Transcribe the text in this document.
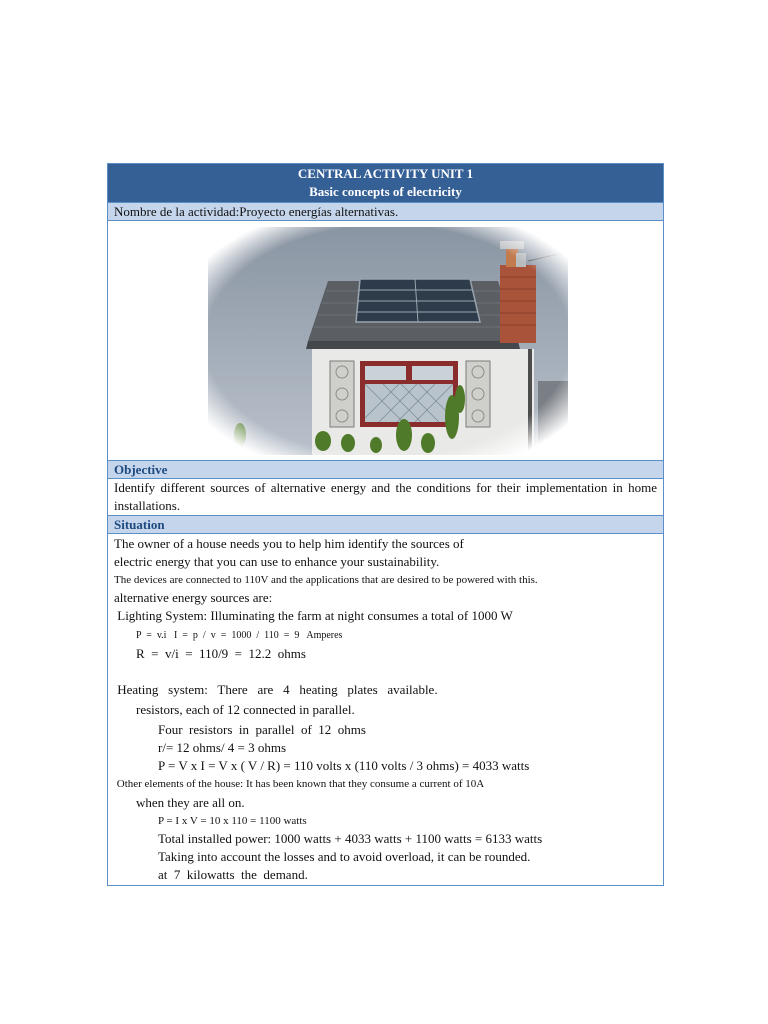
CENTRAL ACTIVITY UNIT 1
Basic concepts of electricity
Nombre de la actividad:Proyecto energías alternativas.
Objective
Identify different sources of alternative energy and the conditions for their implementation in home installations.
Situation
The owner of a house needs you to help him identify the sources of
electric energy that you can use to enhance your sustainability.
The devices are connected to 110V and the applications that are desired to be powered with this.
alternative energy sources are:
Lighting System: Illuminating the farm at night consumes a total of 1000 W
P  =  v.i   I  =  p  /  v  =  1000  /  110  =  9   Amperes
R  =  v/i  =  110/9  =  12.2  ohms
Heating   system:   There   are   4   heating   plates   available.
resistors, each of 12 connected in parallel.
Four  resistors  in  parallel  of  12  ohms
r/= 12 ohms/ 4 = 3 ohms
P = V x I = V x ( V / R) = 110 volts x (110 volts / 3 ohms) = 4033 watts
Other elements of the house: It has been known that they consume a current of 10A
when they are all on.
P = I x V = 10 x 110 = 1100 watts
Total installed power: 1000 watts + 4033 watts + 1100 watts = 6133 watts
Taking into account the losses and to avoid overload, it can be rounded.
at  7  kilowatts  the  demand.
